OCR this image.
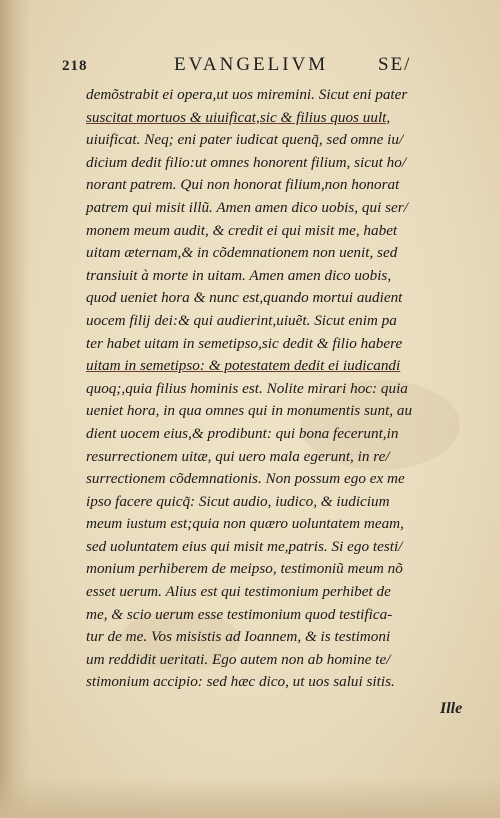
218	EVANGELIVM	SE/
demõstrabit ei opera,ut uos miremini. Sicut eni pater
suscitat mortuos & uiuificat,sic & filius quos uult,
uiuificat. Neq; eni pater iudicat quenq̃, sed omne iu/
dicium dedit filio:ut omnes honorent filium, sicut ho/
norant patrem. Qui non honorat filium,non honorat
patrem qui misit illũ. Amen amen dico uobis, qui ser/
monem meum audit, & credit ei qui misit me, habet
uitam æternam,& in cõdemnationem non uenit, sed
transiuit à morte in uitam. Amen amen dico uobis,
quod ueniet hora & nunc est,quando mortui audient
uocem filij dei:& qui audierint,uiuẽt. Sicut enim pa
ter habet uitam in semetipso,sic dedit & filio habere
uitam in semetipso: & potestatem dedit ei iudicandi
quoq;,quia filius hominis est. Nolite mirari hoc: quia
ueniet hora, in qua omnes qui in monumentis sunt, au
dient uocem eius,& prodibunt: qui bona fecerunt,in
resurrectionem uitæ, qui uero mala egerunt, in re/
surrectionem cõdemnationis. Non possum ego ex me
ipso facere quicq̃: Sicut audio, iudico, & iudicium
meum iustum est;quia non quæro uoluntatem meam,
sed uoluntatem eius qui misit me,patris. Si ego testi/
monium perhiberem de meipso, testimoniũ meum nõ
esset uerum. Alius est qui testimonium perhibet de
me, & scio uerum esse testimonium quod testifica-
tur de me. Vos misistis ad Ioannem, & is testimoni
um reddidit ueritati. Ego autem non ab homine te/
stimonium accipio: sed hæc dico, ut uos salui sitis.
Ille
